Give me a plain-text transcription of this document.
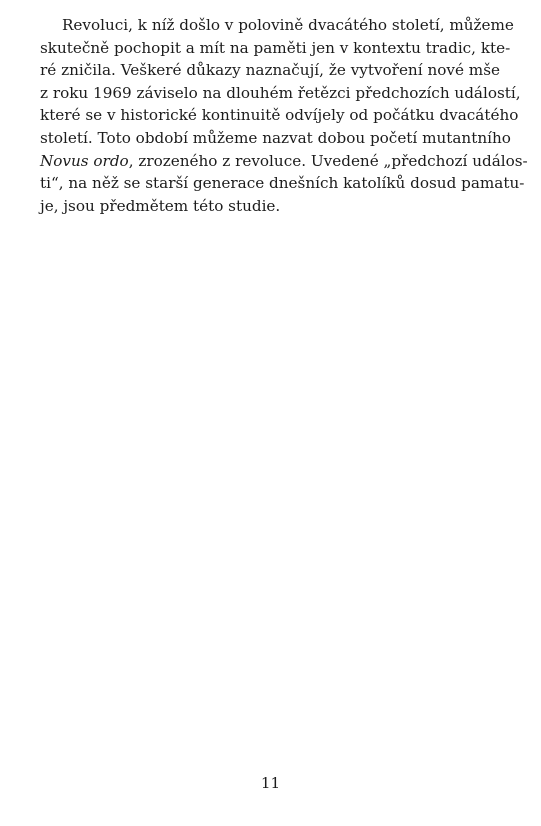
Revoluci, k níž došlo v polovině dvacátého století, můžeme
skutečně pochopit a mít na paměti jen v kontextu tradic, kte-
ré zničila. Veškeré důkazy naznačují, že vytvoření nové mše
z roku 1969 záviselo na dlouhém řetězci předchozích událostí,
které se v historické kontinuitě odvíjely od počátku dvacátého
století. Toto období můžeme nazvat dobou početí mutantního
Novus ordo, zrozeného z revoluce. Uvedené „předchozí událos-
ti“, na něž se starší generace dnešních katolíků dosud pamatu-
je, jsou předmětem této studie.
11
